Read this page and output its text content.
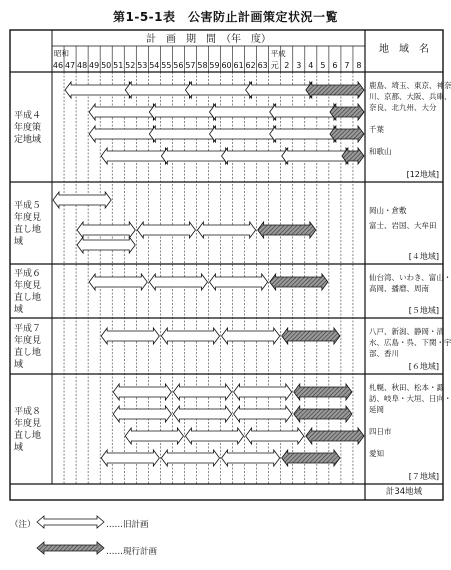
第1-5-1表　公害防止計画策定状況一覧
計　画　期　間　（年　度）
地　域　名
昭和	平成
46 47 48 49 50 51 52 53 54 55 56 57 58 59 60 61 62 63 元 2 3 4 5 6 7 8
平成４
年度策
定地域
[12地域]
鹿島、埼玉、東京、神奈
川、京都、大阪、兵庫、
奈良、北九州、大分
千葉
和歌山
平成５
年度見
直し地
域
[４地域]
岡山・倉敷
富士、岩国、大牟田
平成６
年度見
直し地
域	[５地域]
仙台湾、いわき、富山・
高岡、播磨、周南
平成７
年度見
直し地
域	[６地域]
八戸、新潟、静岡・清
水、広島・呉、下関・宇
部、香川
平成８
年度見
直し地
域
[７地域]
札幌、秋田、松本・諏
訪、岐阜・大垣、日向・
延岡
四日市
愛知
計34地域
（注）	……旧計画
……現行計画
